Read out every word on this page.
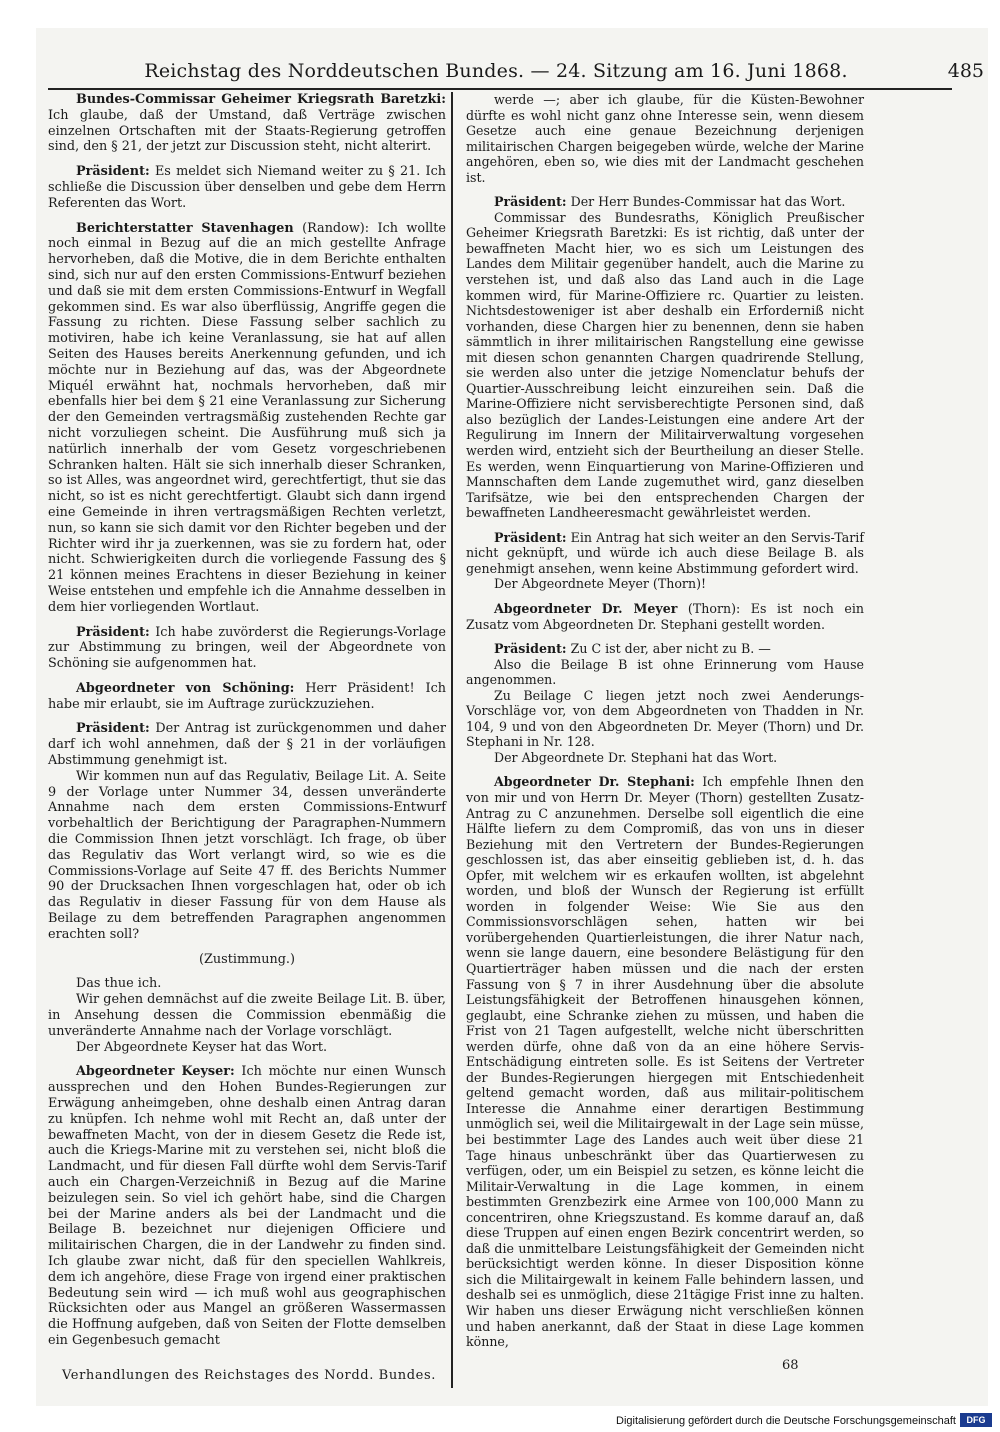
Reichstag des Norddeutschen Bundes. — 24. Sitzung am 16. Juni 1868.	485

Bundes-Commissar Geheimer Kriegsrath Baretzki: Ich glaube, daß der Umstand, daß Verträge zwischen einzelnen Ortschaften mit der Staats-Regierung getroffen sind, den § 21, der jetzt zur Discussion steht, nicht alterirt.

Präsident: Es meldet sich Niemand weiter zu § 21. Ich schließe die Discussion über denselben und gebe dem Herrn Referenten das Wort.

Berichterstatter Stavenhagen (Randow): Ich wollte noch einmal in Bezug auf die an mich gestellte Anfrage hervorheben, daß die Motive, die in dem Berichte enthalten sind, sich nur auf den ersten Commissions-Entwurf beziehen und daß sie mit dem ersten Commissions-Entwurf in Wegfall gekommen sind. Es war also überflüssig, Angriffe gegen die Fassung zu richten. Diese Fassung selber sachlich zu motiviren, habe ich keine Veranlassung, sie hat auf allen Seiten des Hauses bereits Anerkennung gefunden, und ich möchte nur in Beziehung auf das, was der Abgeordnete Miquél erwähnt hat, nochmals hervorheben, daß mir ebenfalls hier bei dem § 21 eine Veranlassung zur Sicherung der den Gemeinden vertragsmäßig zustehenden Rechte gar nicht vorzuliegen scheint. Die Ausführung muß sich ja natürlich innerhalb der vom Gesetz vorgeschriebenen Schranken halten. Hält sie sich innerhalb dieser Schranken, so ist Alles, was angeordnet wird, gerechtfertigt, thut sie das nicht, so ist es nicht gerechtfertigt. Glaubt sich dann irgend eine Gemeinde in ihren vertragsmäßigen Rechten verletzt, nun, so kann sie sich damit vor den Richter begeben und der Richter wird ihr ja zuerkennen, was sie zu fordern hat, oder nicht. Schwierigkeiten durch die vorliegende Fassung des § 21 können meines Erachtens in dieser Beziehung in keiner Weise entstehen und empfehle ich die Annahme desselben in dem hier vorliegenden Wortlaut.

Präsident: Ich habe zuvörderst die Regierungs-Vorlage zur Abstimmung zu bringen, weil der Abgeordnete von Schöning sie aufgenommen hat.

Abgeordneter von Schöning: Herr Präsident! Ich habe mir erlaubt, sie im Auftrage zurückzuziehen.

Präsident: Der Antrag ist zurückgenommen und daher darf ich wohl annehmen, daß der § 21 in der vorläufigen Abstimmung genehmigt ist.

Wir kommen nun auf das Regulativ, Beilage Lit. A. Seite 9 der Vorlage unter Nummer 34, dessen unveränderte Annahme nach dem ersten Commissions-Entwurf vorbehaltlich der Berichtigung der Paragraphen-Nummern die Commission Ihnen jetzt vorschlägt. Ich frage, ob über das Regulativ das Wort verlangt wird, so wie es die Commissions-Vorlage auf Seite 47 ff. des Berichts Nummer 90 der Drucksachen Ihnen vorgeschlagen hat, oder ob ich das Regulativ in dieser Fassung für von dem Hause als Beilage zu dem betreffenden Paragraphen angenommen erachten soll?

(Zustimmung.)

Das thue ich.

Wir gehen demnächst auf die zweite Beilage Lit. B. über, in Ansehung dessen die Commission ebenmäßig die unveränderte Annahme nach der Vorlage vorschlägt.

Der Abgeordnete Keyser hat das Wort.

Abgeordneter Keyser: Ich möchte nur einen Wunsch aussprechen und den Hohen Bundes-Regierungen zur Erwägung anheimgeben, ohne deshalb einen Antrag daran zu knüpfen. Ich nehme wohl mit Recht an, daß unter der bewaffneten Macht, von der in diesem Gesetz die Rede ist, auch die Kriegs-Marine mit zu verstehen sei, nicht bloß die Landmacht, und für diesen Fall dürfte wohl dem Servis-Tarif auch ein Chargen-Verzeichniß in Bezug auf die Marine beizulegen sein. So viel ich gehört habe, sind die Chargen bei der Marine anders als bei der Landmacht und die Beilage B. bezeichnet nur diejenigen Officiere und militairischen Chargen, die in der Landwehr zu finden sind. Ich glaube zwar nicht, daß für den speciellen Wahlkreis, dem ich angehöre, diese Frage von irgend einer praktischen Bedeutung sein wird — ich muß wohl aus geographischen Rücksichten oder aus Mangel an größeren Wassermassen die Hoffnung aufgeben, daß von Seiten der Flotte demselben ein Gegenbesuch gemacht

werde —; aber ich glaube, für die Küsten-Bewohner dürfte es wohl nicht ganz ohne Interesse sein, wenn diesem Gesetze auch eine genaue Bezeichnung derjenigen militairischen Chargen beigegeben würde, welche der Marine angehören, eben so, wie dies mit der Landmacht geschehen ist.

Präsident: Der Herr Bundes-Commissar hat das Wort.

Commissar des Bundesraths, Königlich Preußischer Geheimer Kriegsrath Baretzki: Es ist richtig, daß unter der bewaffneten Macht hier, wo es sich um Leistungen des Landes dem Militair gegenüber handelt, auch die Marine zu verstehen ist, und daß also das Land auch in die Lage kommen wird, für Marine-Offiziere rc. Quartier zu leisten. Nichtsdestoweniger ist aber deshalb ein Erforderniß nicht vorhanden, diese Chargen hier zu benennen, denn sie haben sämmtlich in ihrer militairischen Rangstellung eine gewisse mit diesen schon genannten Chargen quadrirende Stellung, sie werden also unter die jetzige Nomenclatur behufs der Quartier-Ausschreibung leicht einzureihen sein. Daß die Marine-Offiziere nicht servisberechtigte Personen sind, daß also bezüglich der Landes-Leistungen eine andere Art der Regulirung im Innern der Militairverwaltung vorgesehen werden wird, entzieht sich der Beurtheilung an dieser Stelle. Es werden, wenn Einquartierung von Marine-Offizieren und Mannschaften dem Lande zugemuthet wird, ganz dieselben Tarifsätze, wie bei den entsprechenden Chargen der bewaffneten Landheeresmacht gewährleistet werden.

Präsident: Ein Antrag hat sich weiter an den Servis-Tarif nicht geknüpft, und würde ich auch diese Beilage B. als genehmigt ansehen, wenn keine Abstimmung gefordert wird.

Der Abgeordnete Meyer (Thorn)!

Abgeordneter Dr. Meyer (Thorn): Es ist noch ein Zusatz vom Abgeordneten Dr. Stephani gestellt worden.

Präsident: Zu C ist der, aber nicht zu B. —

Also die Beilage B ist ohne Erinnerung vom Hause angenommen.

Zu Beilage C liegen jetzt noch zwei Aenderungs-Vorschläge vor, von dem Abgeordneten von Thadden in Nr. 104, 9 und von den Abgeordneten Dr. Meyer (Thorn) und Dr. Stephani in Nr. 128.

Der Abgeordnete Dr. Stephani hat das Wort.

Abgeordneter Dr. Stephani: Ich empfehle Ihnen den von mir und von Herrn Dr. Meyer (Thorn) gestellten Zusatz-Antrag zu C anzunehmen. Derselbe soll eigentlich die eine Hälfte liefern zu dem Compromiß, das von uns in dieser Beziehung mit den Vertretern der Bundes-Regierungen geschlossen ist, das aber einseitig geblieben ist, d. h. das Opfer, mit welchem wir es erkaufen wollten, ist abgelehnt worden, und bloß der Wunsch der Regierung ist erfüllt worden in folgender Weise: Wie Sie aus den Commissionsvorschlägen sehen, hatten wir bei vorübergehenden Quartierleistungen, die ihrer Natur nach, wenn sie lange dauern, eine besondere Belästigung für den Quartierträger haben müssen und die nach der ersten Fassung von § 7 in ihrer Ausdehnung über die absolute Leistungsfähigkeit der Betroffenen hinausgehen können, geglaubt, eine Schranke ziehen zu müssen, und haben die Frist von 21 Tagen aufgestellt, welche nicht überschritten werden dürfe, ohne daß von da an eine höhere Servis-Entschädigung eintreten solle. Es ist Seitens der Vertreter der Bundes-Regierungen hiergegen mit Entschiedenheit geltend gemacht worden, daß aus militair-politischem Interesse die Annahme einer derartigen Bestimmung unmöglich sei, weil die Militairgewalt in der Lage sein müsse, bei bestimmter Lage des Landes auch weit über diese 21 Tage hinaus unbeschränkt über das Quartierwesen zu verfügen, oder, um ein Beispiel zu setzen, es könne leicht die Militair-Verwaltung in die Lage kommen, in einem bestimmten Grenzbezirk eine Armee von 100,000 Mann zu concentriren, ohne Kriegszustand. Es komme darauf an, daß diese Truppen auf einen engen Bezirk concentrirt werden, so daß die unmittelbare Leistungsfähigkeit der Gemeinden nicht berücksichtigt werden könne. In dieser Disposition könne sich die Militairgewalt in keinem Falle behindern lassen, und deshalb sei es unmöglich, diese 21tägige Frist inne zu halten. Wir haben uns dieser Erwägung nicht verschließen können und haben anerkannt, daß der Staat in diese Lage kommen könne,

Verhandlungen des Reichstages des Nordd. Bundes.
68
Digitalisierung gefördert durch die Deutsche Forschungsgemeinschaft	DFG
